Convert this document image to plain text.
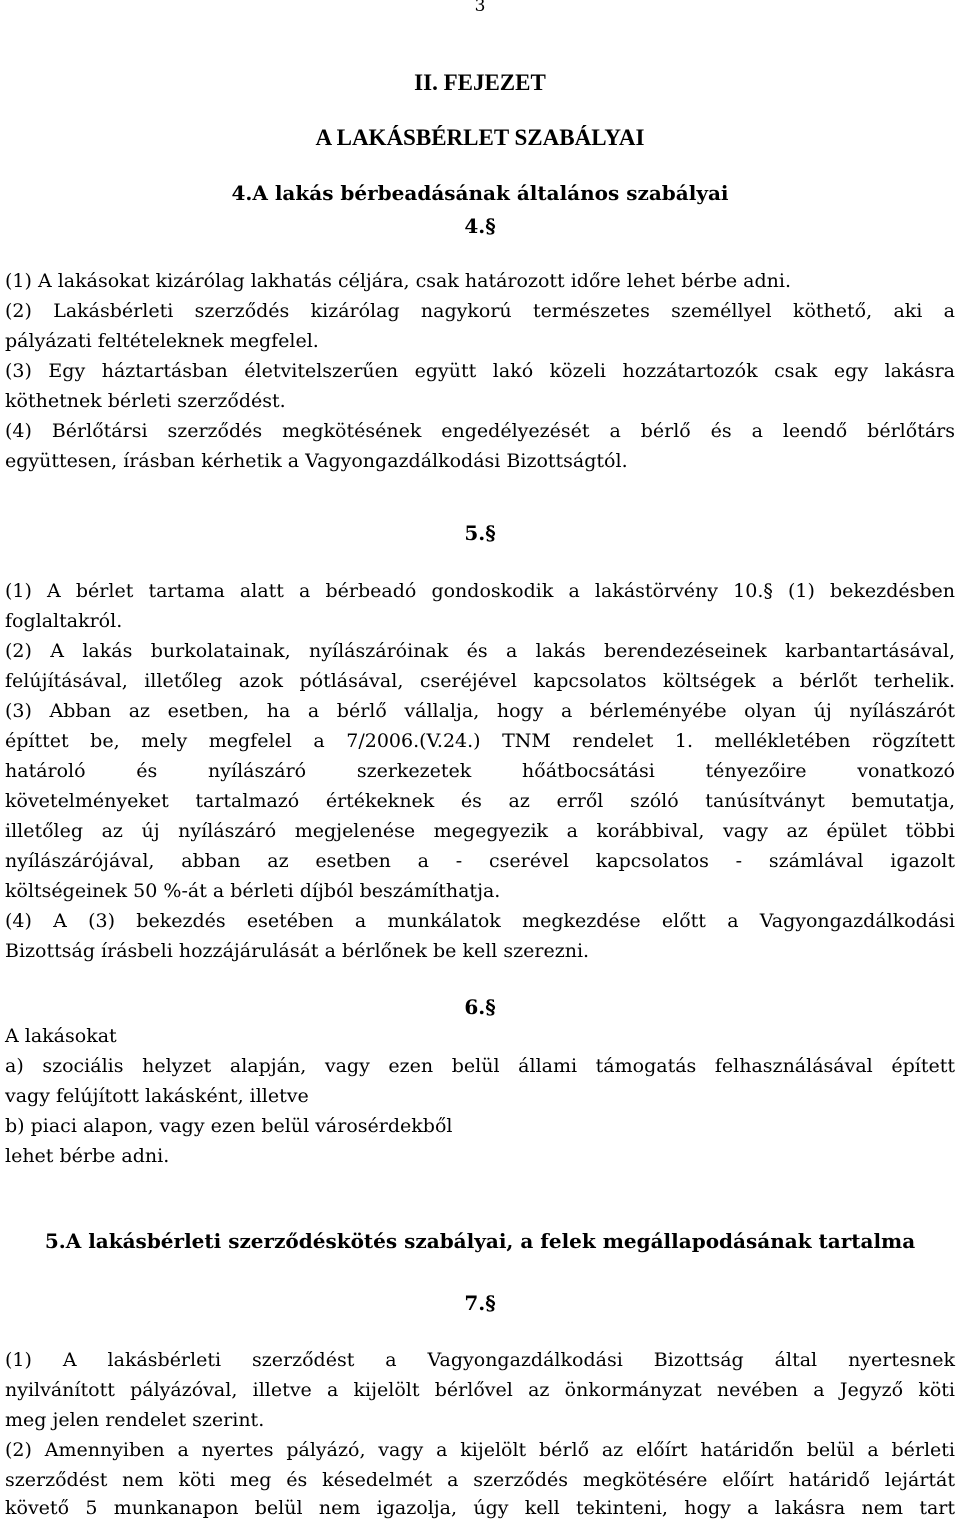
3
II. FEJEZET
A LAKÁSBÉRLET SZABÁLYAI
4.A lakás bérbeadásának általános szabályai
4.§
(1) A lakásokat kizárólag lakhatás céljára, csak határozott időre lehet bérbe adni.
(2) Lakásbérleti szerződés kizárólag nagykorú természetes személlyel köthető, aki a
pályázati feltételeknek megfelel.
(3) Egy háztartásban életvitelszerűen együtt lakó közeli hozzátartozók csak egy lakásra
köthetnek bérleti szerződést.
(4) Bérlőtársi szerződés megkötésének engedélyezését a bérlő és a leendő bérlőtárs
együttesen, írásban kérhetik a Vagyongazdálkodási Bizottságtól.
5.§
(1) A bérlet tartama alatt a bérbeadó gondoskodik a lakástörvény 10.§ (1) bekezdésben
foglaltakról.
(2) A lakás burkolatainak, nyílászáróinak és a lakás berendezéseinek karbantartásával,
felújításával, illetőleg azok pótlásával, cseréjével kapcsolatos költségek a bérlőt terhelik.
(3) Abban az esetben, ha a bérlő vállalja, hogy a bérleményébe olyan új nyílászárót
építtet be, mely megfelel a 7/2006.(V.24.) TNM rendelet 1. mellékletében rögzített
határoló és nyílászáró szerkezetek hőátbocsátási tényezőire vonatkozó
követelményeket tartalmazó értékeknek és az erről szóló tanúsítványt bemutatja,
illetőleg az új nyílászáró megjelenése megegyezik a korábbival, vagy az épület többi
nyílászárójával, abban az esetben a - cserével kapcsolatos - számlával igazolt
költségeinek 50 %-át a bérleti díjból beszámíthatja.
(4) A (3) bekezdés esetében a munkálatok megkezdése előtt a Vagyongazdálkodási
Bizottság írásbeli hozzájárulását a bérlőnek be kell szerezni.
6.§
A lakásokat
a) szociális helyzet alapján, vagy ezen belül állami támogatás felhasználásával épített
vagy felújított lakásként, illetve
b) piaci alapon, vagy ezen belül városérdekből
lehet bérbe adni.
5.A lakásbérleti szerződéskötés szabályai, a felek megállapodásának tartalma
7.§
(1) A lakásbérleti szerződést a Vagyongazdálkodási Bizottság által nyertesnek
nyilvánított pályázóval, illetve a kijelölt bérlővel az önkormányzat nevében a Jegyző köti
meg jelen rendelet szerint.
(2) Amennyiben a nyertes pályázó, vagy a kijelölt bérlő az előírt határidőn belül a bérleti
szerződést nem köti meg és késedelmét a szerződés megkötésére előírt határidő lejártát
követő 5 munkanapon belül nem igazolja, úgy kell tekinteni, hogy a lakásra nem tart
